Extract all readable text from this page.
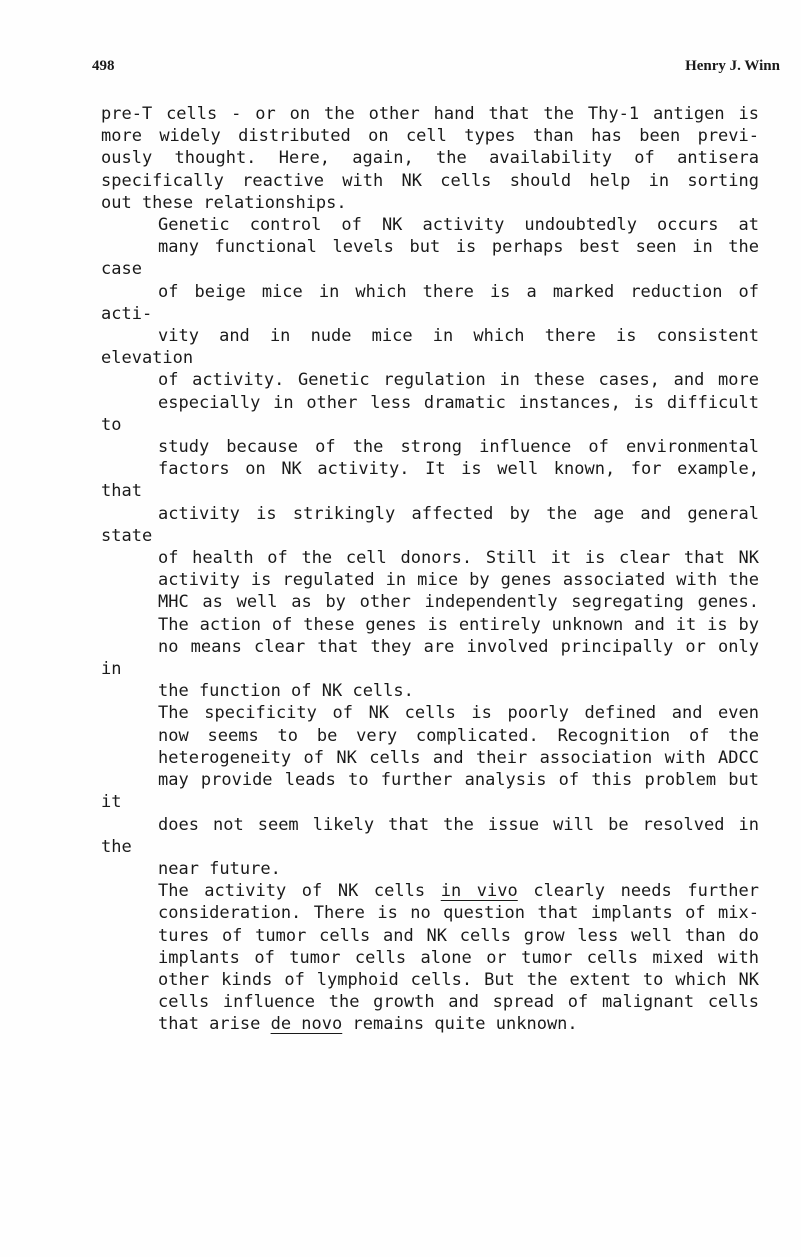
498	Henry J. Winn

pre-T cells - or on the other hand that the Thy-1 antigen is
more widely distributed on cell types than has been previ-
ously thought. Here, again, the availability of antisera
specifically reactive with NK cells should help in sorting
out these relationships.

Genetic control of NK activity undoubtedly occurs at
many functional levels but is perhaps best seen in the case
of beige mice in which there is a marked reduction of acti-
vity and in nude mice in which there is consistent elevation
of activity. Genetic regulation in these cases, and more
especially in other less dramatic instances, is difficult to
study because of the strong influence of environmental
factors on NK activity. It is well known, for example, that
activity is strikingly affected by the age and general state
of health of the cell donors. Still it is clear that NK
activity is regulated in mice by genes associated with the
MHC as well as by other independently segregating genes.
The action of these genes is entirely unknown and it is by
no means clear that they are involved principally or only in
the function of NK cells.

The specificity of NK cells is poorly defined and even
now seems to be very complicated. Recognition of the
heterogeneity of NK cells and their association with ADCC
may provide leads to further analysis of this problem but it
does not seem likely that the issue will be resolved in the
near future.

The activity of NK cells in vivo clearly needs further
consideration. There is no question that implants of mix-
tures of tumor cells and NK cells grow less well than do
implants of tumor cells alone or tumor cells mixed with
other kinds of lymphoid cells. But the extent to which NK
cells influence the growth and spread of malignant cells
that arise de novo remains quite unknown.
